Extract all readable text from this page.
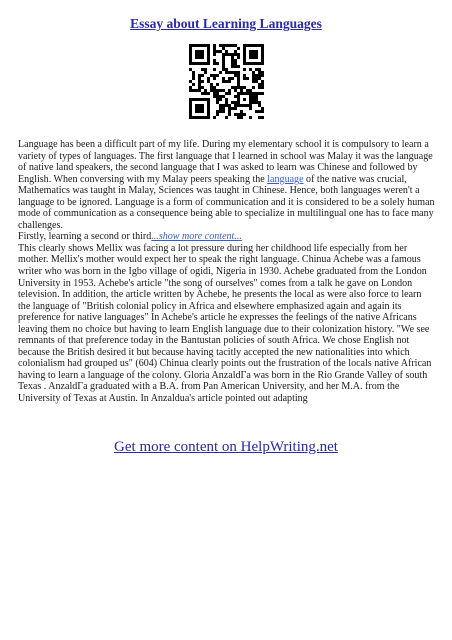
Essay about Learning Languages

Language has been a difficult part of my life. During my elementary school it is compulsory to learn a variety of types of languages. The first language that I learned in school was Malay it was the language of native land speakers, the second language that I was asked to learn was Chinese and followed by English. When conversing with my Malay peers speaking the language of the native was crucial, Mathematics was taught in Malay, Sciences was taught in Chinese. Hence, both languages weren't a language to be ignored. Language is a form of communication and it is considered to be a solely human mode of communication as a consequence being able to specialize in multilingual one has to face many challenges.

Firstly, learning a second or third...show more content...

This clearly shows Mellix was facing a lot pressure during her childhood life especially from her mother. Mellix's mother would expect her to speak the right language. Chinua Achebe was a famous writer who was born in the Igbo village of ogidi, Nigeria in 1930. Achebe graduated from the London University in 1953. Achebe's article "the song of ourselves" comes from a talk he gave on London television. In addition, the article written by Achebe, he presents the local as were also force to learn the language of "British colonial policy in Africa and elsewhere emphasized again and again its preference for native languages" In Achebe's article he expresses the feelings of the native Africans leaving them no choice but having to learn English language due to their colonization history. "We see remnants of that preference today in the Bantustan policies of south Africa. We chose English not because the British desired it but because having tacitly accepted the new nationalities into which colonialism had grouped us" (604) Chinua clearly points out the frustration of the locals native African having to learn a language of the colony. Gloria AnzaldΓa was born in the Rio Grande Valley of south Texas . AnzaldΓa graduated with a B.A. from Pan American University, and her M.A. from the University of Texas at Austin. In Anzaldua's article pointed out adapting

Get more content on HelpWriting.net
